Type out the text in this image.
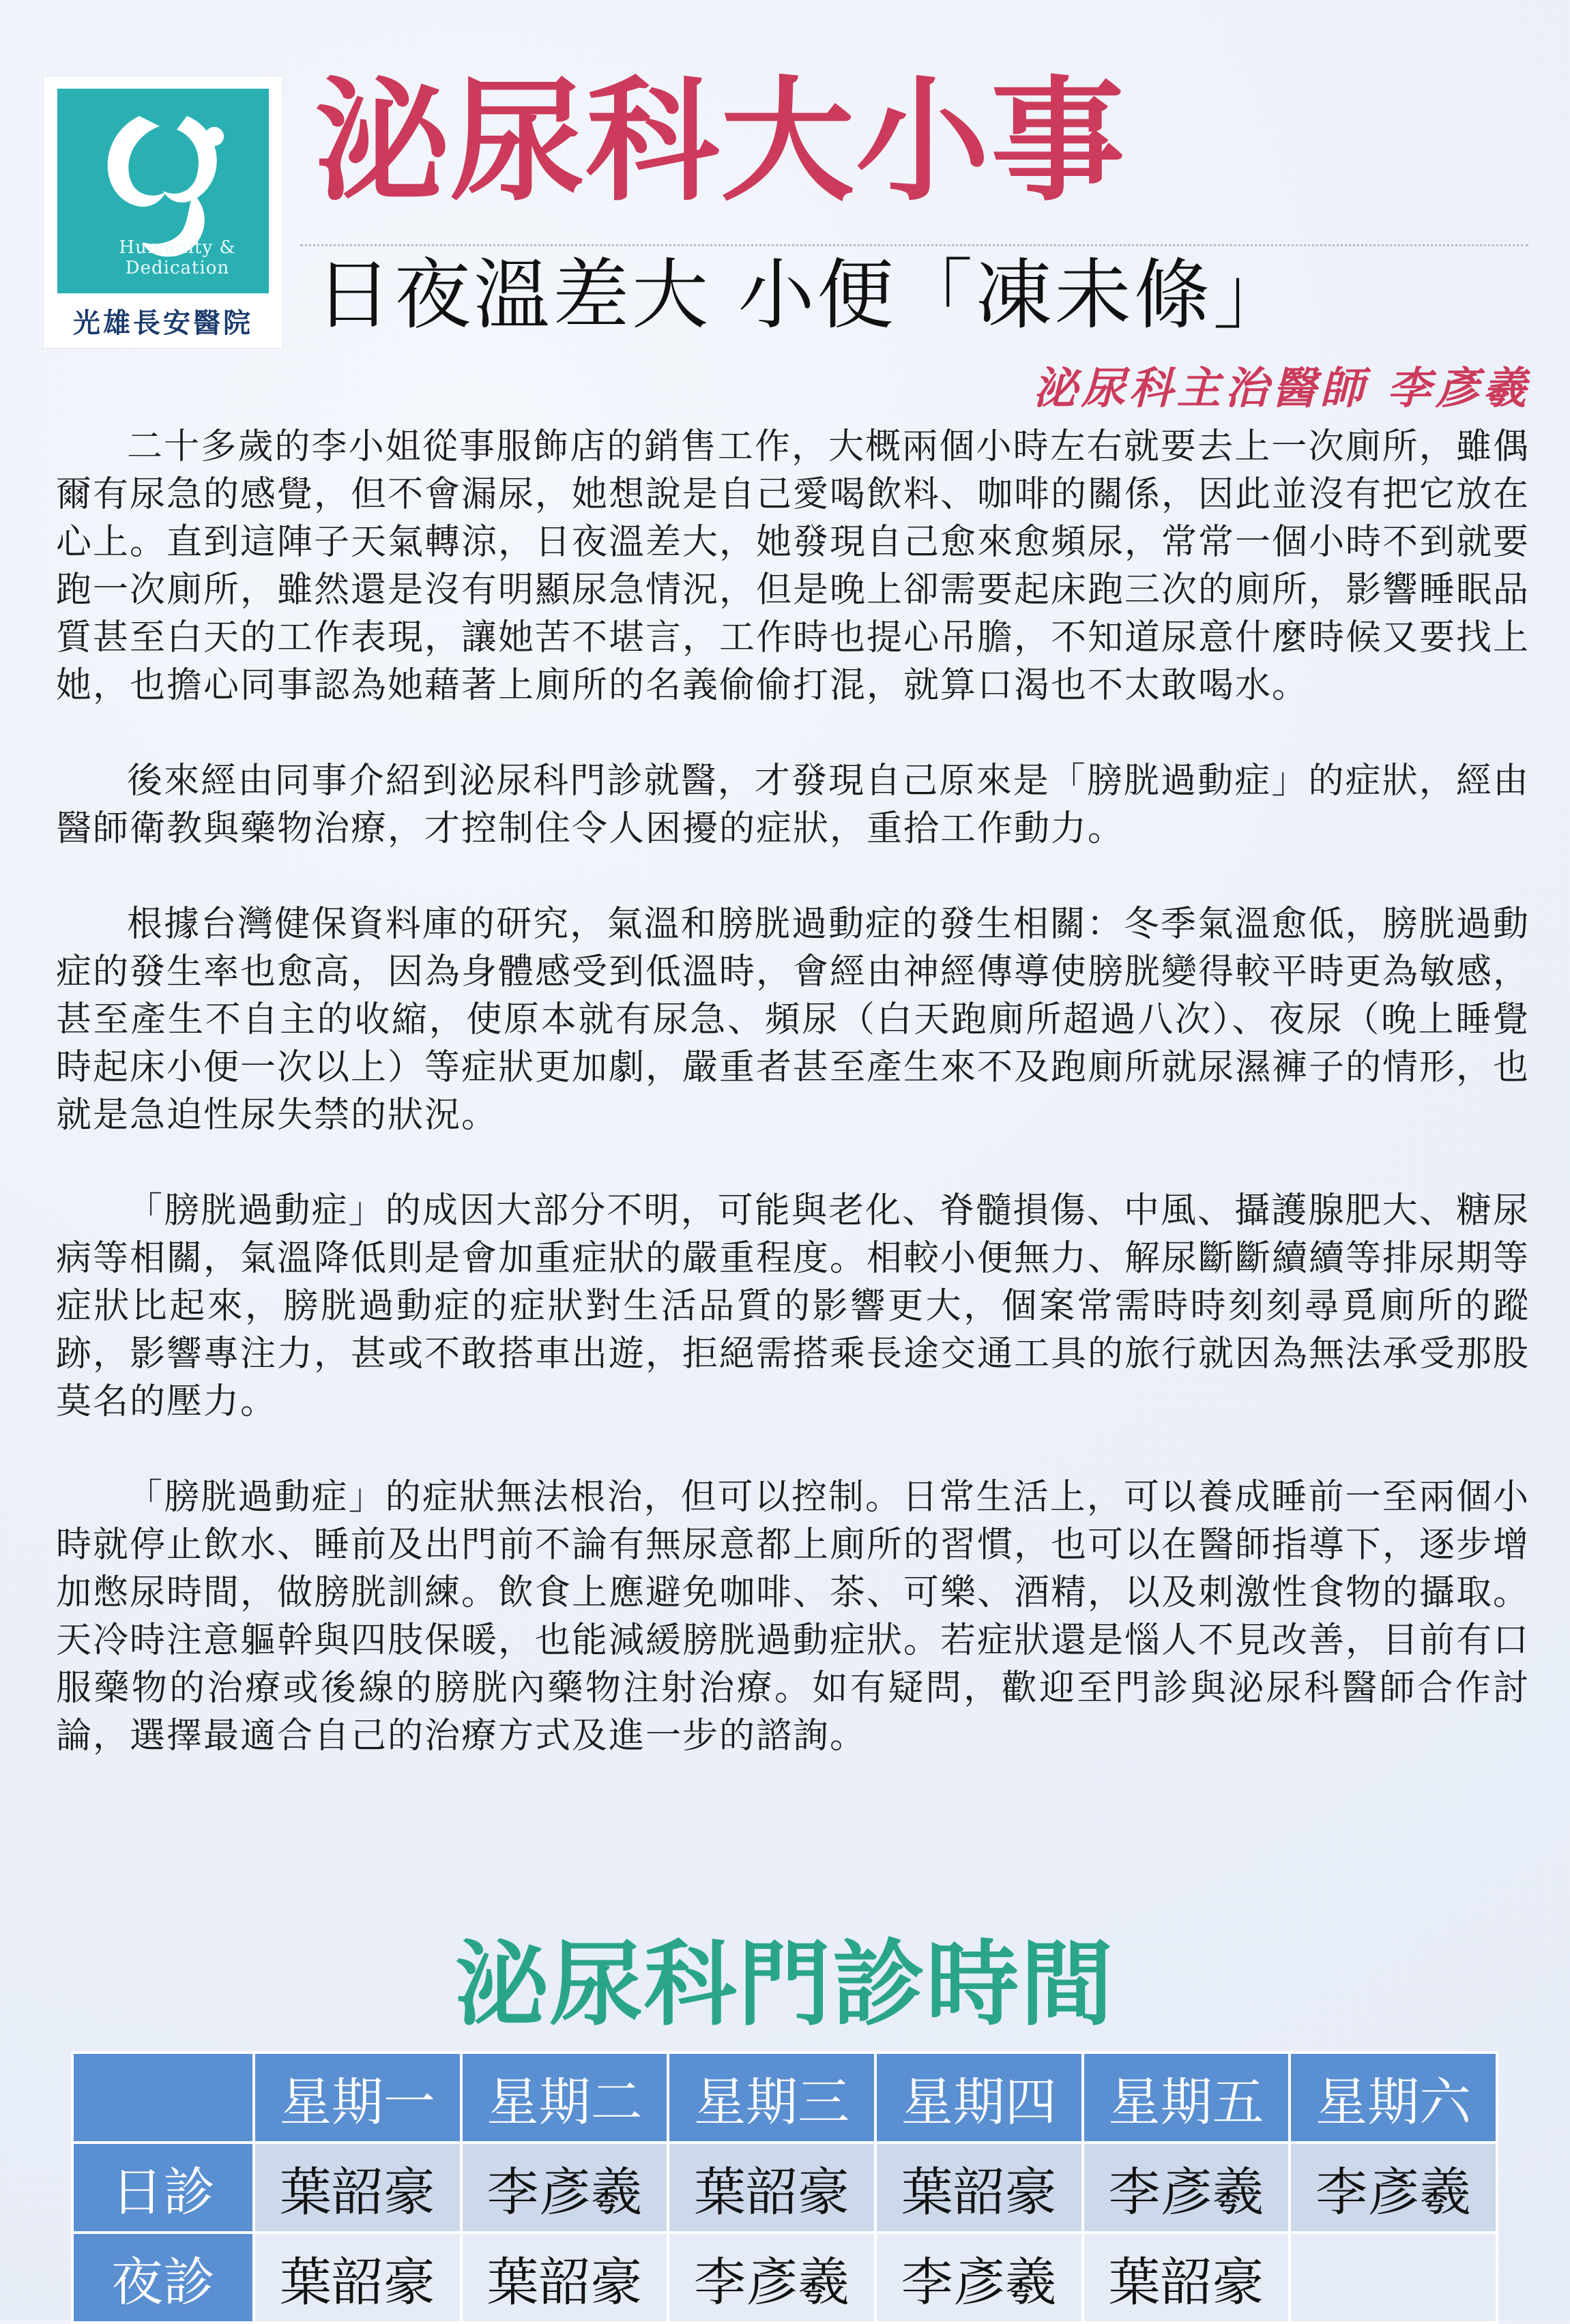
Humanity &
Dedication
光雄長安醫院
泌尿科大小事
日夜溫差大 小便「凍未條」
泌尿科主治醫師 李彥羲

二十多歲的李小姐從事服飾店的銷售工作，大概兩個小時左右就要去上一次廁所，雖偶爾有尿急的感覺，但不會漏尿，她想說是自己愛喝飲料、咖啡的關係，因此並沒有把它放在心上。直到這陣子天氣轉涼，日夜溫差大，她發現自己愈來愈頻尿，常常一個小時不到就要跑一次廁所，雖然還是沒有明顯尿急情況，但是晚上卻需要起床跑三次的廁所，影響睡眠品質甚至白天的工作表現，讓她苦不堪言，工作時也提心吊膽，不知道尿意什麼時候又要找上她，也擔心同事認為她藉著上廁所的名義偷偷打混，就算口渴也不太敢喝水。

後來經由同事介紹到泌尿科門診就醫，才發現自己原來是「膀胱過動症」的症狀，經由醫師衛教與藥物治療，才控制住令人困擾的症狀，重拾工作動力。

根據台灣健保資料庫的研究，氣溫和膀胱過動症的發生相關：冬季氣溫愈低，膀胱過動症的發生率也愈高，因為身體感受到低溫時，會經由神經傳導使膀胱變得較平時更為敏感，甚至產生不自主的收縮，使原本就有尿急、頻尿（白天跑廁所超過八次）、夜尿（晚上睡覺時起床小便一次以上）等症狀更加劇，嚴重者甚至產生來不及跑廁所就尿濕褲子的情形，也就是急迫性尿失禁的狀況。

「膀胱過動症」的成因大部分不明，可能與老化、脊髓損傷、中風、攝護腺肥大、糖尿病等相關，氣溫降低則是會加重症狀的嚴重程度。相較小便無力、解尿斷斷續續等排尿期等症狀比起來，膀胱過動症的症狀對生活品質的影響更大，個案常需時時刻刻尋覓廁所的蹤跡，影響專注力，甚或不敢搭車出遊，拒絕需搭乘長途交通工具的旅行就因為無法承受那股莫名的壓力。

「膀胱過動症」的症狀無法根治，但可以控制。日常生活上，可以養成睡前一至兩個小時就停止飲水、睡前及出門前不論有無尿意都上廁所的習慣，也可以在醫師指導下，逐步增加憋尿時間，做膀胱訓練。飲食上應避免咖啡、茶、可樂、酒精，以及刺激性食物的攝取。天冷時注意軀幹與四肢保暖，也能減緩膀胱過動症狀。若症狀還是惱人不見改善，目前有口服藥物的治療或後線的膀胱內藥物注射治療。如有疑問，歡迎至門診與泌尿科醫師合作討論，選擇最適合自己的治療方式及進一步的諮詢。

泌尿科門診時間
	星期一	星期二	星期三	星期四	星期五	星期六
日診	葉韶豪	李彥羲	葉韶豪	葉韶豪	李彥羲	李彥羲
夜診	葉韶豪	葉韶豪	李彥羲	李彥羲	葉韶豪	
